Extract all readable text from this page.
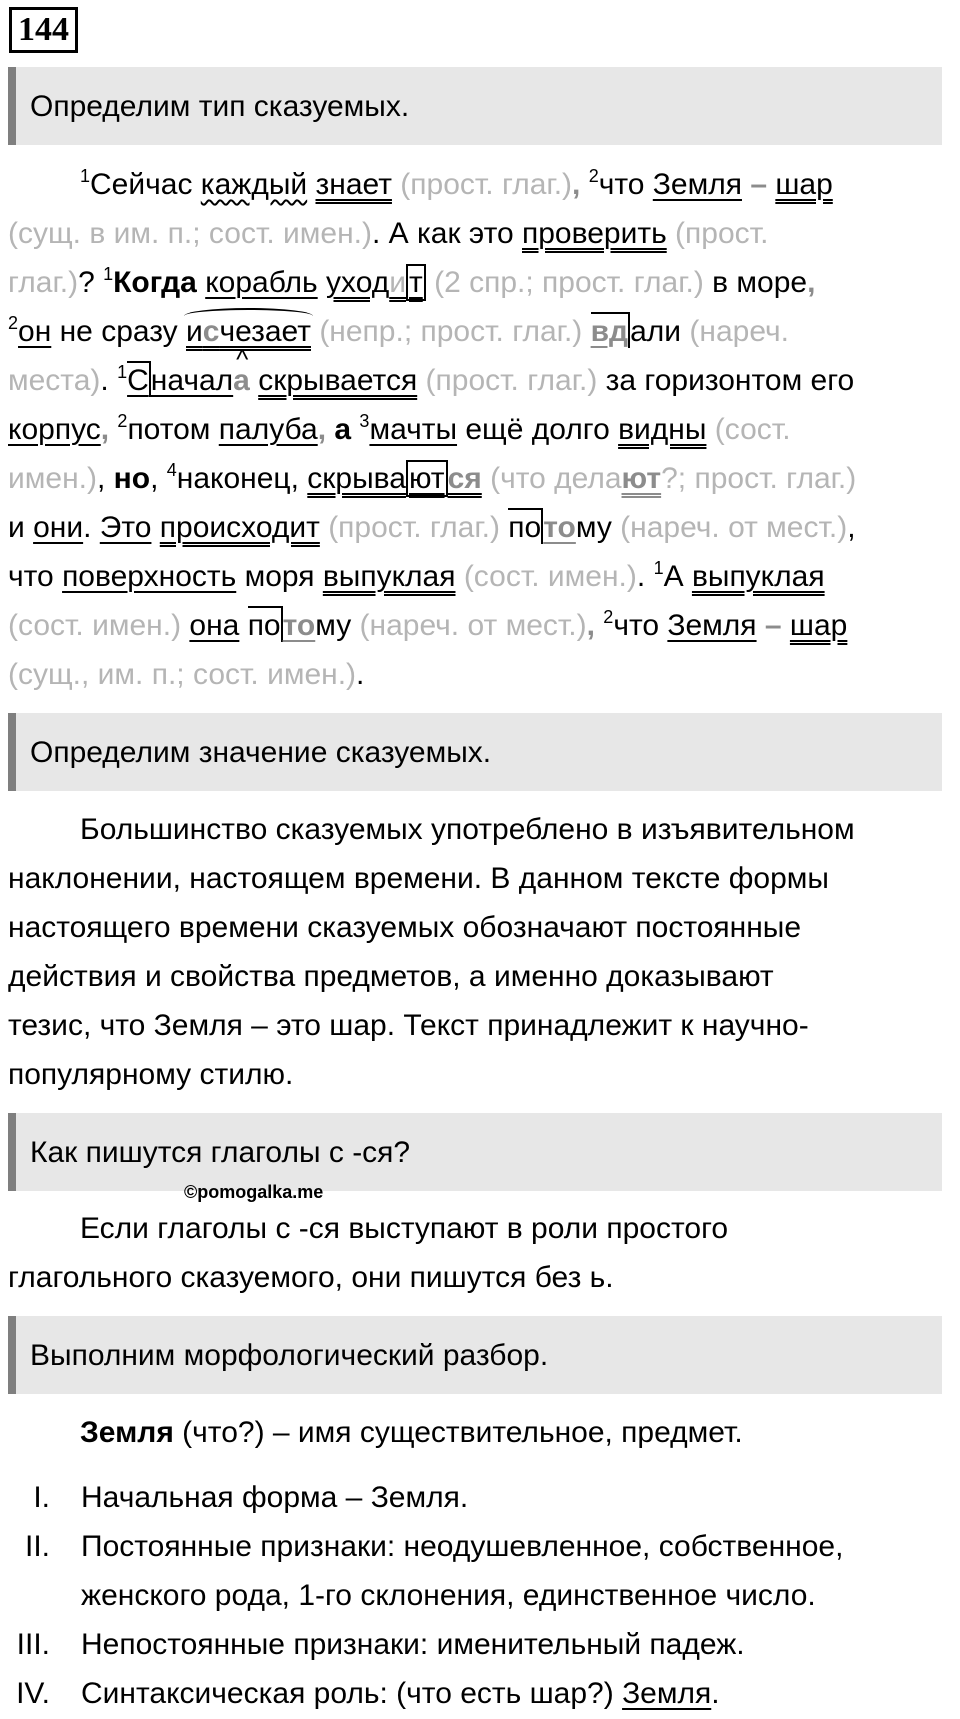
144
Определим тип сказуемых.
$^1$Сейчас каждый знает (прост. глаг.), $^2$что Земля – шар
(сущ. в им. п.; сост. имен.). А как это проверить (прост.
глаг.)? $^1$Когда корабль уходи т (2 спр.; прост. глаг.) в море,
$^2$он не сразу исчезает (непр.; прост. глаг.) вдали (нареч.
места). $^1$Сначал^ а скрывается (прост. глаг.) за горизонтом его
корпус, $^2$потом палуба, а $^3$мачты ещё долго видны (сост.
имен.), но, $^4$наконец, скрыва ют ся (что делают?; прост. глаг.)
и они. Это происходит (прост. глаг.) потому (нареч. от мест.),
что поверхность моря выпуклая (сост. имен.). $^1$А выпуклая
(сост. имен.) она потому (нареч. от мест.), $^2$что Земля – шар
(сущ., им. п.; сост. имен.).
Определим значение сказуемых.
Большинство сказуемых употреблено в изъявительном
наклонении, настоящем времени. В данном тексте формы
настоящего времени сказуемых обозначают постоянные
действия и свойства предметов, а именно доказывают
тезис, что Земля – это шар. Текст принадлежит к научно-
популярному стилю.
Как пишутся глаголы с -ся?
©pomogalka.me
Если глаголы с -ся выступают в роли простого
глагольного сказуемого, они пишутся без ь.
Выполним морфологический разбор.
Земля (что?) – имя существительное, предмет.
I. Начальная форма – Земля.
II. Постоянные признаки: неодушевленное, собственное,
женского рода, 1-го склонения, единственное число.
III. Непостоянные признаки: именительный падеж.
IV. Синтаксическая роль: (что есть шар?) Земля.
